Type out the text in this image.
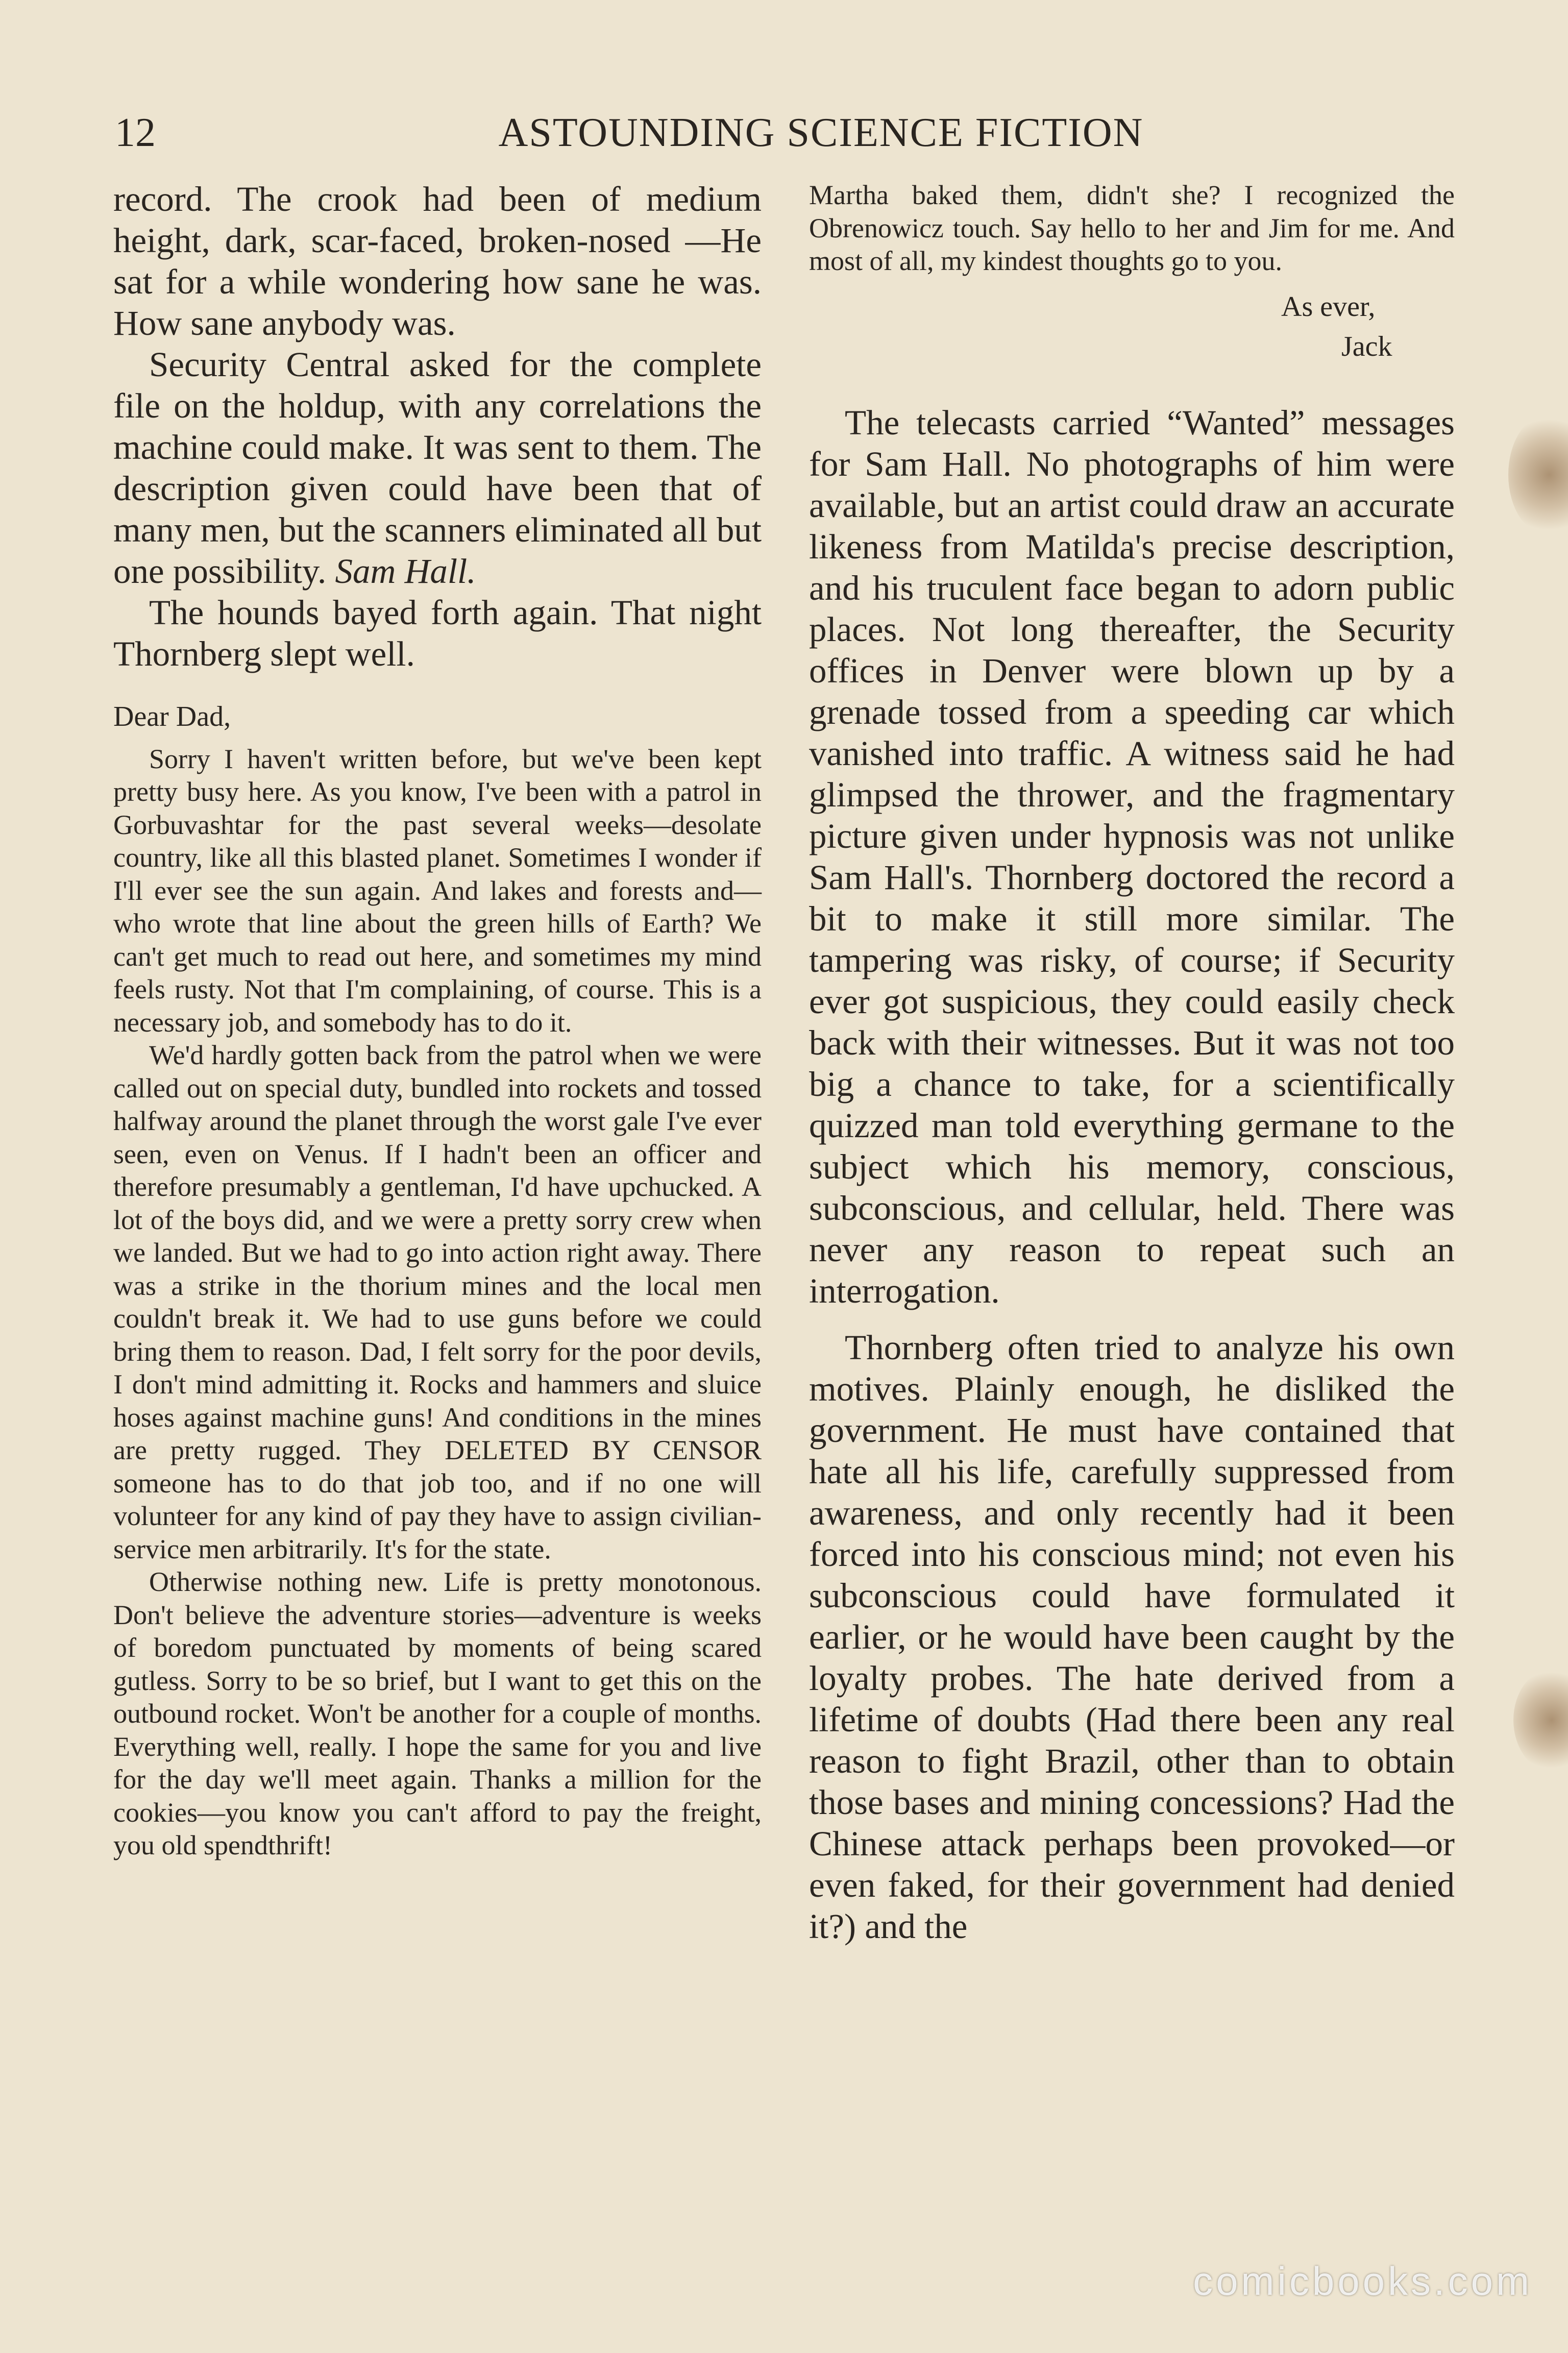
12	ASTOUNDING SCIENCE FICTION

record. The crook had been of medium height, dark, scar-faced, broken-nosed —He sat for a while wondering how sane he was. How sane anybody was.

Security Central asked for the complete file on the holdup, with any correlations the machine could make. It was sent to them. The description given could have been that of many men, but the scanners eliminated all but one possibility. Sam Hall.

The hounds bayed forth again. That night Thornberg slept well.

Dear Dad,

Sorry I haven't written before, but we've been kept pretty busy here. As you know, I've been with a patrol in Gorbuvashtar for the past several weeks—desolate country, like all this blasted planet. Sometimes I wonder if I'll ever see the sun again. And lakes and forests and—who wrote that line about the green hills of Earth? We can't get much to read out here, and sometimes my mind feels rusty. Not that I'm complaining, of course. This is a necessary job, and somebody has to do it.

We'd hardly gotten back from the patrol when we were called out on special duty, bundled into rockets and tossed halfway around the planet through the worst gale I've ever seen, even on Venus. If I hadn't been an officer and therefore presumably a gentleman, I'd have upchucked. A lot of the boys did, and we were a pretty sorry crew when we landed. But we had to go into action right away. There was a strike in the thorium mines and the local men couldn't break it. We had to use guns before we could bring them to reason. Dad, I felt sorry for the poor devils, I don't mind admitting it. Rocks and hammers and sluice hoses against machine guns! And conditions in the mines are pretty rugged. They DELETED BY CENSOR someone has to do that job too, and if no one will volunteer for any kind of pay they have to assign civilian-service men arbitrarily. It's for the state.

Otherwise nothing new. Life is pretty monotonous. Don't believe the adventure stories—adventure is weeks of boredom punctuated by moments of being scared gutless. Sorry to be so brief, but I want to get this on the outbound rocket. Won't be another for a couple of months. Everything well, really. I hope the same for you and live for the day we'll meet again. Thanks a million for the cookies—you know you can't afford to pay the freight, you old spendthrift!

Martha baked them, didn't she? I recognized the Obrenowicz touch. Say hello to her and Jim for me. And most of all, my kindest thoughts go to you.

As ever,
Jack

The telecasts carried “Wanted” messages for Sam Hall. No photographs of him were available, but an artist could draw an accurate likeness from Matilda's precise description, and his truculent face began to adorn public places. Not long thereafter, the Security offices in Denver were blown up by a grenade tossed from a speeding car which vanished into traffic. A witness said he had glimpsed the thrower, and the fragmentary picture given under hypnosis was not unlike Sam Hall's. Thornberg doctored the record a bit to make it still more similar. The tampering was risky, of course; if Security ever got suspicious, they could easily check back with their witnesses. But it was not too big a chance to take, for a scientifically quizzed man told everything germane to the subject which his memory, conscious, subconscious, and cellular, held. There was never any reason to repeat such an interrogation.

Thornberg often tried to analyze his own motives. Plainly enough, he disliked the government. He must have contained that hate all his life, carefully suppressed from awareness, and only recently had it been forced into his conscious mind; not even his subconscious could have formulated it earlier, or he would have been caught by the loyalty probes. The hate derived from a lifetime of doubts (Had there been any real reason to fight Brazil, other than to obtain those bases and mining concessions? Had the Chinese attack perhaps been provoked—or even faked, for their government had denied it?) and the

comicbooks.com
